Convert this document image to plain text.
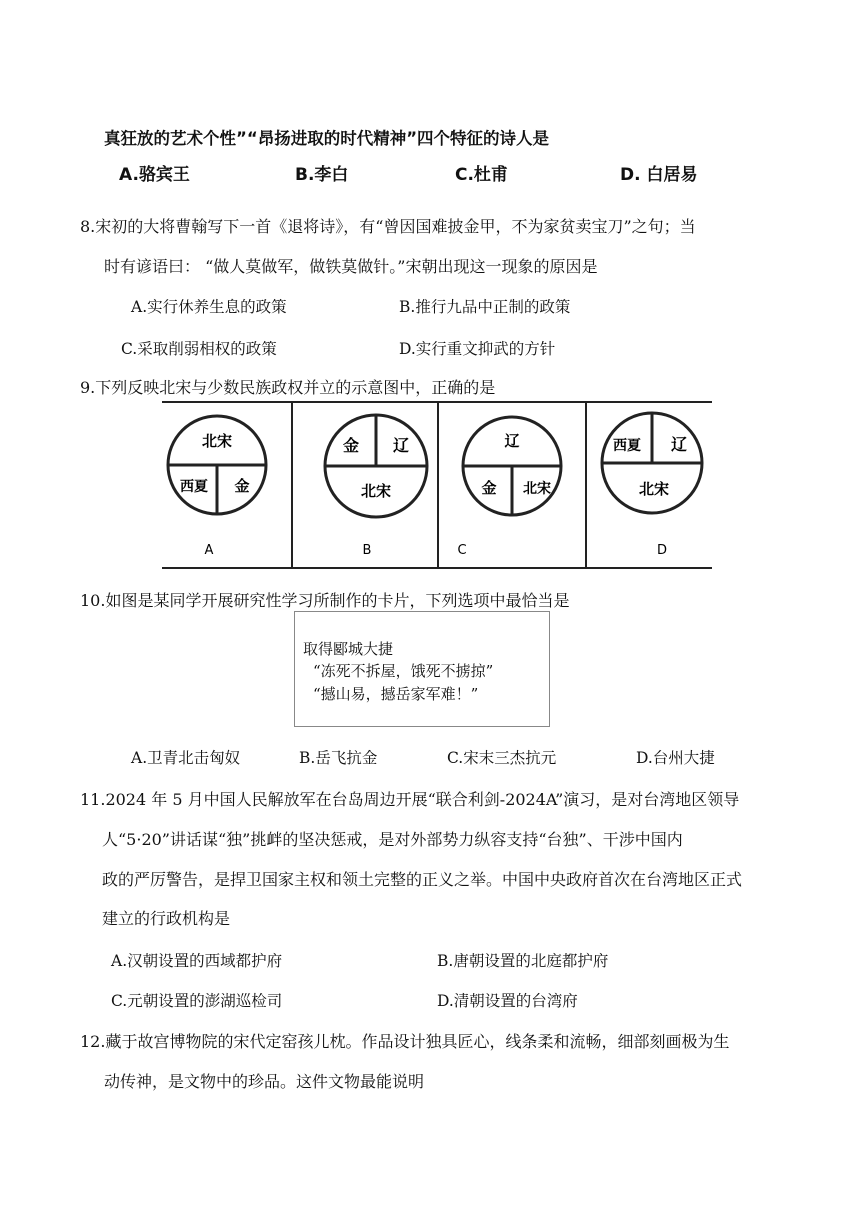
真狂放的艺术个性”“昂扬进取的时代精神”四个特征的诗人是
A.骆宾王	B.李白	C.杜甫	D. 白居易
8.宋初的大将曹翰写下一首《退将诗》，有“曾因国难披金甲，不为家贫卖宝刀”之句；当
时有谚语曰： “做人莫做军，做铁莫做针。”宋朝出现这一现象的原因是
A.实行休养生息的政策	B.推行九品中正制的政策
C.采取削弱相权的政策	D.实行重文抑武的方针
9.下列反映北宋与少数民族政权并立的示意图中，正确的是
北宋
西夏 金
A
金 辽
北宋
B
辽
金 北宋
C
西夏 辽
北宋
D
10.如图是某同学开展研究性学习所制作的卡片，下列选项中最恰当是
取得郾城大捷
“冻死不拆屋，饿死不掳掠”
“撼山易，撼岳家军难！”
A.卫青北击匈奴	B.岳飞抗金	C.宋末三杰抗元	D.台州大捷
11.2024 年 5 月中国人民解放军在台岛周边开展“联合利剑-2024A”演习，是对台湾地区领导
人“5·20”讲话谋“独”挑衅的坚决惩戒，是对外部势力纵容支持“台独”、干涉中国内
政的严厉警告，是捍卫国家主权和领土完整的正义之举。中国中央政府首次在台湾地区正式
建立的行政机构是
A.汉朝设置的西域都护府	B.唐朝设置的北庭都护府
C.元朝设置的澎湖巡检司	D.清朝设置的台湾府
12.藏于故宫博物院的宋代定窑孩儿枕。作品设计独具匠心，线条柔和流畅，细部刻画极为生
动传神，是文物中的珍品。这件文物最能说明
